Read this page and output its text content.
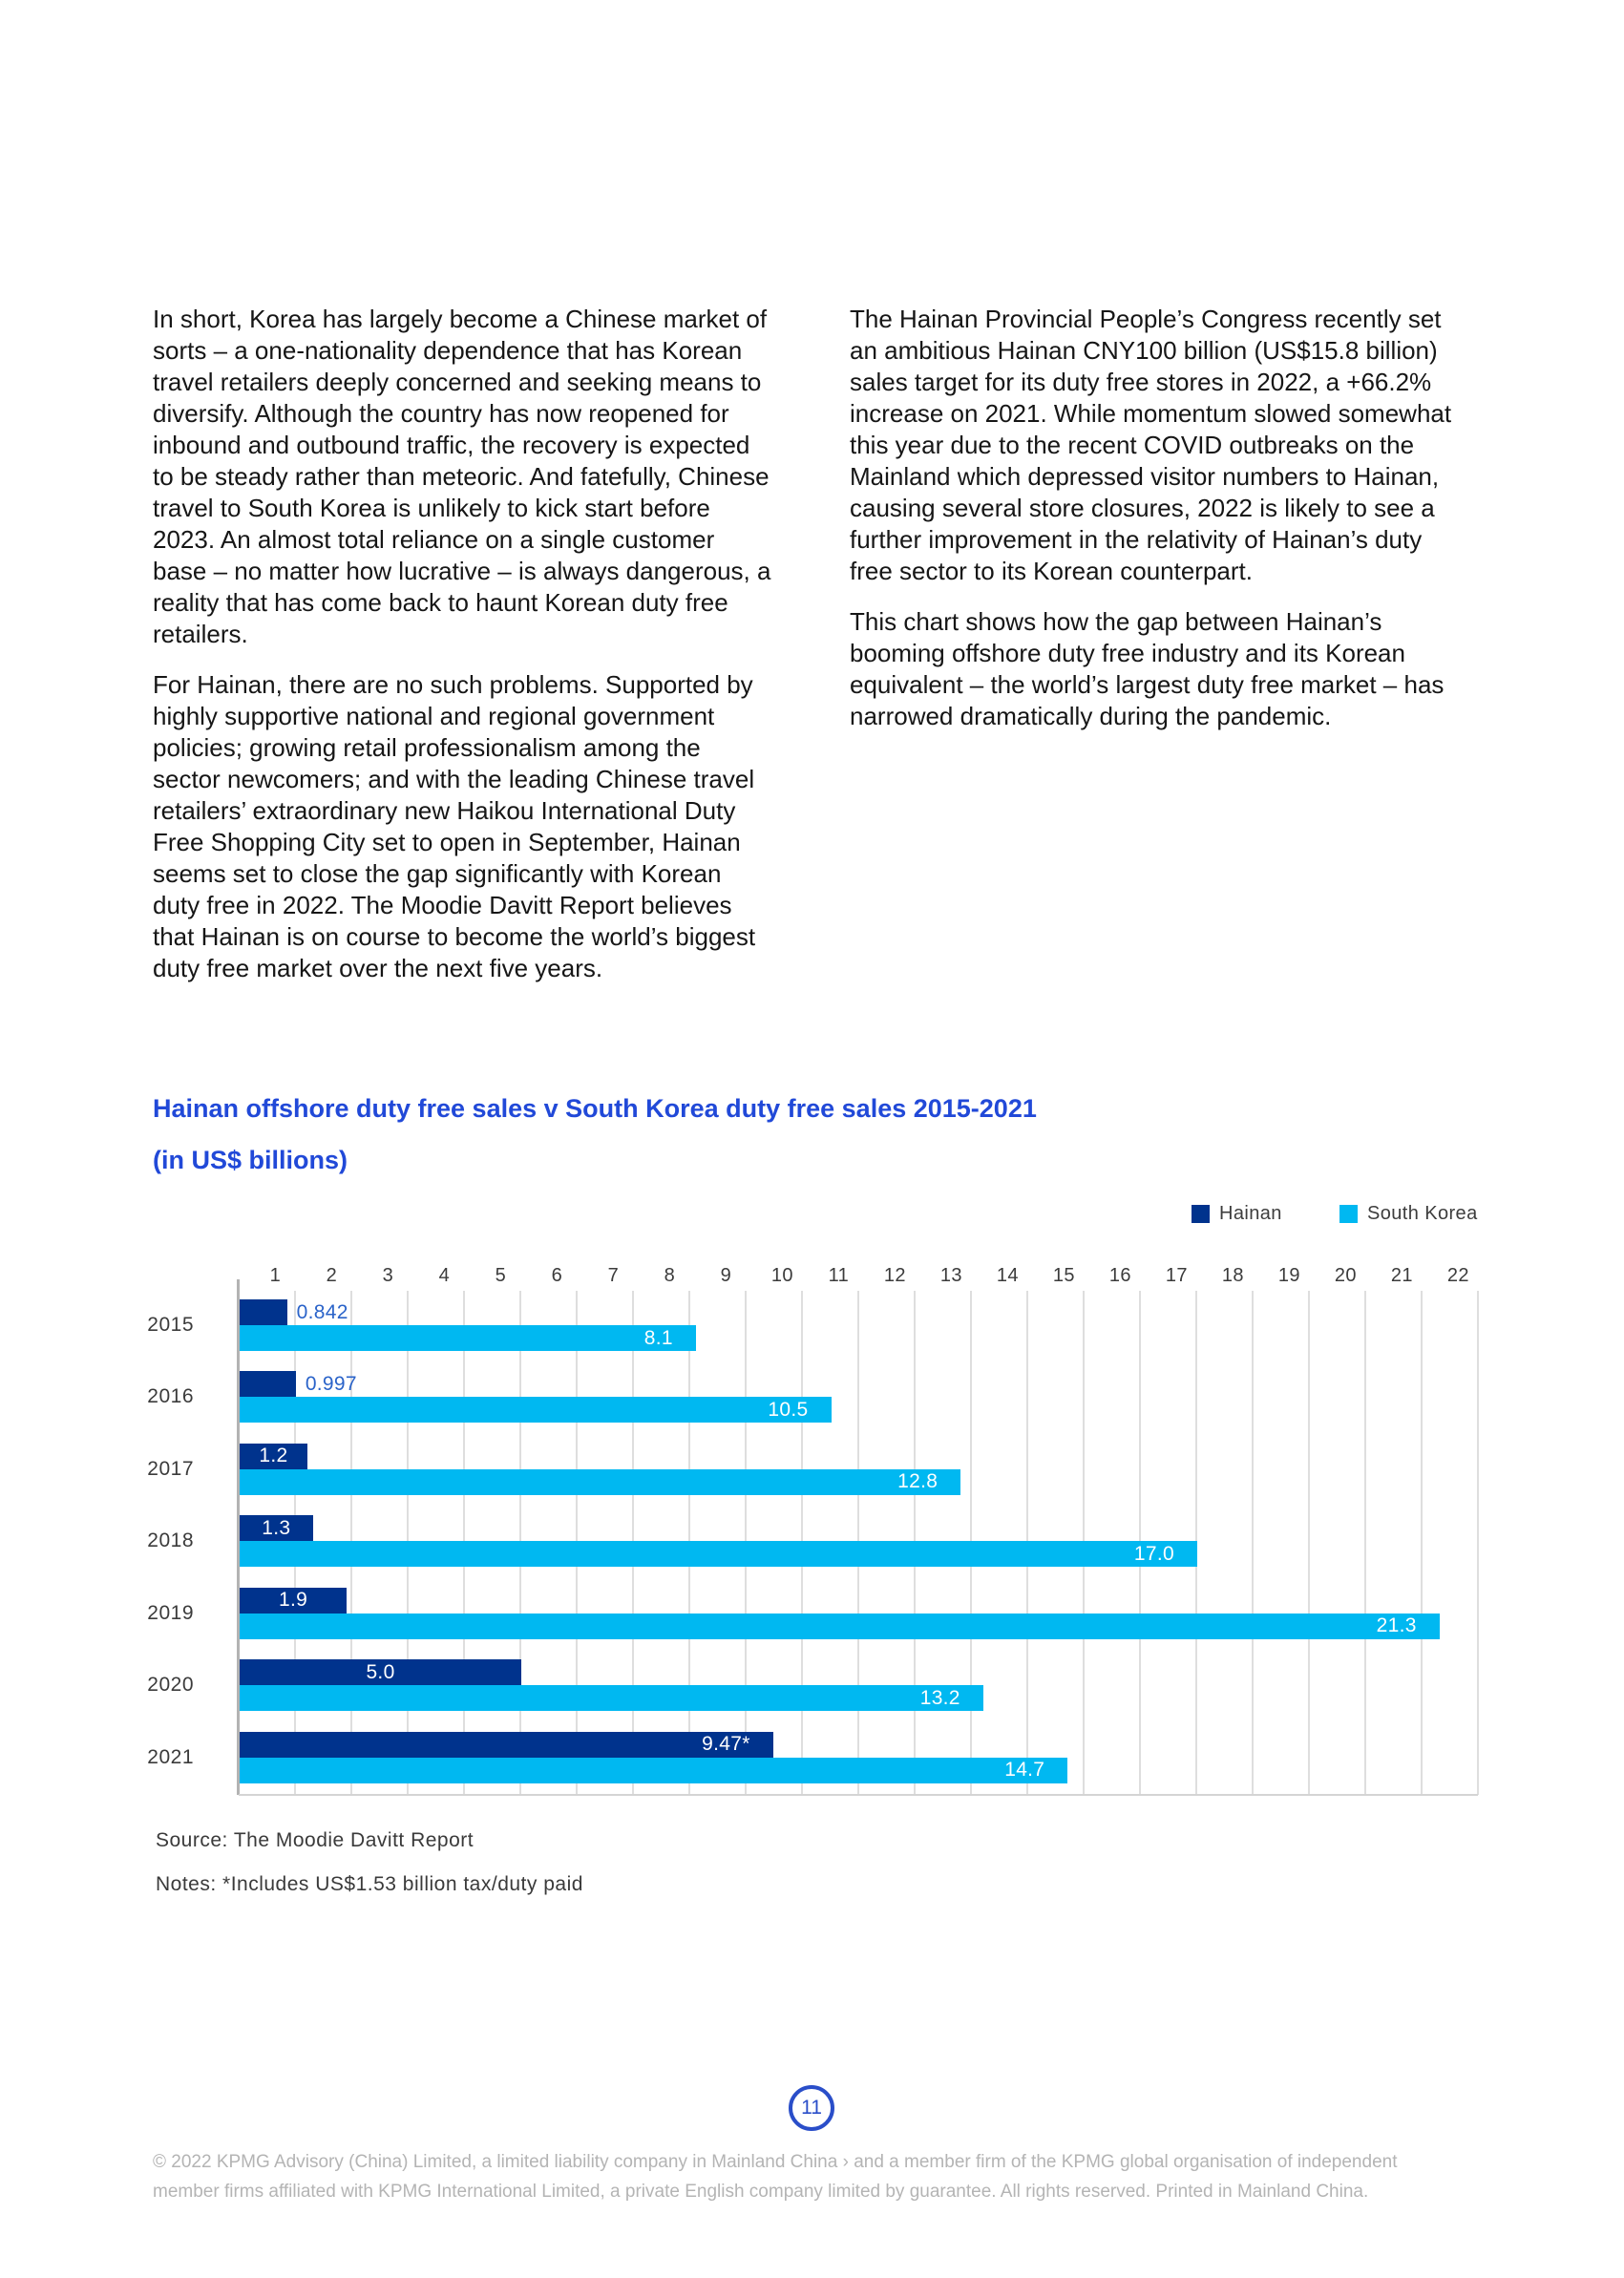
In short, Korea has largely become a Chinese market of sorts – a one-nationality dependence that has Korean travel retailers deeply concerned and seeking means to diversify. Although the country has now reopened for inbound and outbound traffic, the recovery is expected to be steady rather than meteoric. And fatefully, Chinese travel to South Korea is unlikely to kick start before 2023. An almost total reliance on a single customer base – no matter how lucrative – is always dangerous, a reality that has come back to haunt Korean duty free retailers.

For Hainan, there are no such problems. Supported by highly supportive national and regional government policies; growing retail professionalism among the sector newcomers; and with the leading Chinese travel retailers’ extraordinary new Haikou International Duty Free Shopping City set to open in September, Hainan seems set to close the gap significantly with Korean duty free in 2022. The Moodie Davitt Report believes that Hainan is on course to become the world’s biggest duty free market over the next five years.

The Hainan Provincial People’s Congress recently set an ambitious Hainan CNY100 billion (US$15.8 billion) sales target for its duty free stores in 2022, a +66.2% increase on 2021. While momentum slowed somewhat this year due to the recent COVID outbreaks on the Mainland which depressed visitor numbers to Hainan, causing several store closures, 2022 is likely to see a further improvement in the relativity of Hainan’s duty free sector to its Korean counterpart.

This chart shows how the gap between Hainan’s booming offshore duty free industry and its Korean equivalent – the world’s largest duty free market – has narrowed dramatically during the pandemic.

Hainan offshore duty free sales v South Korea duty free sales 2015-2021
(in US$ billions)
Hainan	South Korea
1 2 3 4 5 6 7 8 9 10 11 12 13 14 15 16 17 18 19 20 21 22
2015
0.842
8.1
2016
0.997
10.5
2017
1.2
12.8
2018
1.3
17.0
2019
1.9
21.3
2020
5.0
13.2
2021
9.47*
14.7
Source: The Moodie Davitt Report
Notes: *Includes US$1.53 billion tax/duty paid
11
© 2022 KPMG Advisory (China) Limited, a limited liability company in Mainland China › and a member firm of the KPMG global organisation of independent
member firms affiliated with KPMG International Limited, a private English company limited by guarantee. All rights reserved. Printed in Mainland China.
